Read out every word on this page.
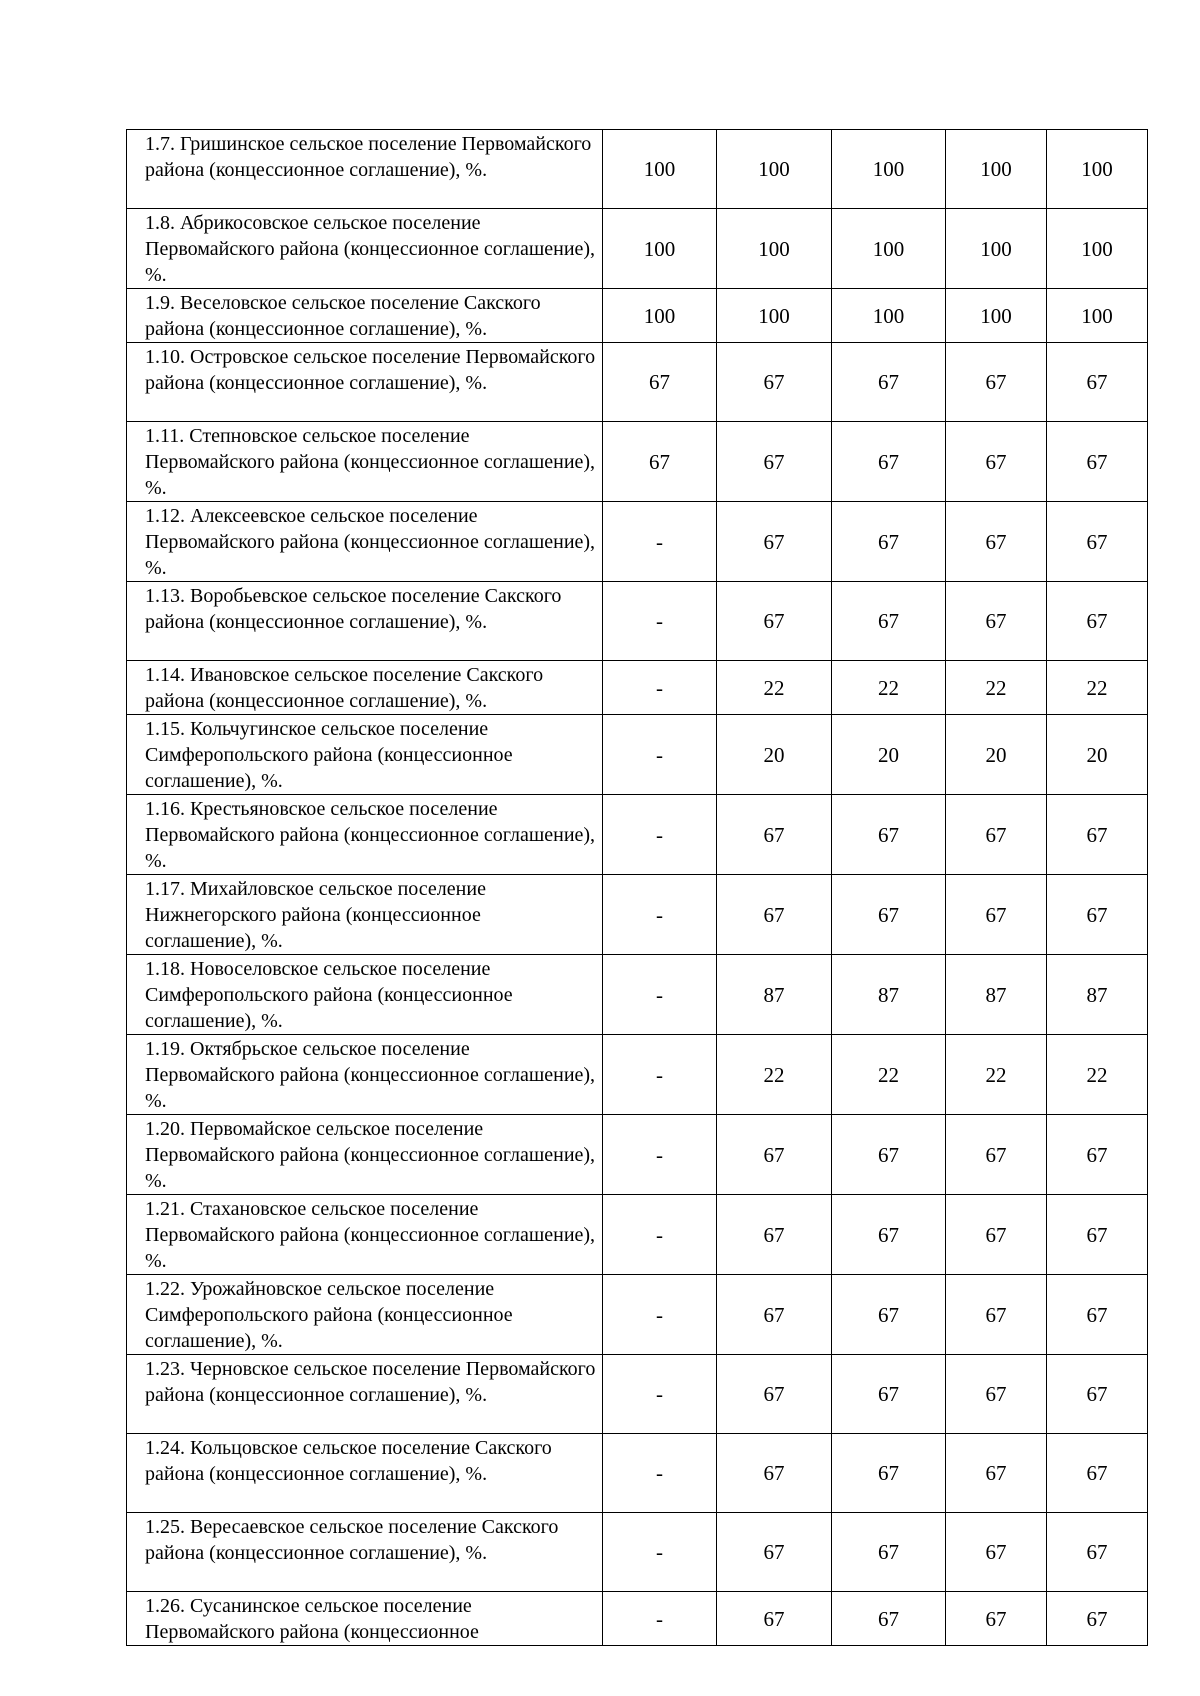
1.7. Гришинское сельское поселение Первомайского района (концессионное соглашение), %.	100	100	100	100	100
1.8. Абрикосовское сельское поселение Первомайского района (концессионное соглашение), %.	100	100	100	100	100
1.9. Веселовское сельское поселение Сакского района (концессионное соглашение), %.	100	100	100	100	100
1.10. Островское сельское поселение Первомайского района (концессионное соглашение), %.	67	67	67	67	67
1.11. Степновское сельское поселение Первомайского района (концессионное соглашение), %.	67	67	67	67	67
1.12. Алексеевское сельское поселение Первомайского района (концессионное соглашение), %.	-	67	67	67	67
1.13. Воробьевское сельское поселение Сакского района (концессионное соглашение), %.	-	67	67	67	67
1.14. Ивановское сельское поселение Сакского района (концессионное соглашение), %.	-	22	22	22	22
1.15. Кольчугинское сельское поселение Симферопольского района (концессионное соглашение), %.	-	20	20	20	20
1.16. Крестьяновское сельское поселение Первомайского района (концессионное соглашение), %.	-	67	67	67	67
1.17. Михайловское сельское поселение Нижнегорского района (концессионное соглашение), %.	-	67	67	67	67
1.18. Новоселовское сельское поселение Симферопольского района (концессионное соглашение), %.	-	87	87	87	87
1.19. Октябрьское сельское поселение Первомайского района (концессионное соглашение), %.	-	22	22	22	22
1.20. Первомайское сельское поселение Первомайского района (концессионное соглашение), %.	-	67	67	67	67
1.21. Стахановское сельское поселение Первомайского района (концессионное соглашение), %.	-	67	67	67	67
1.22. Урожайновское сельское поселение Симферопольского района (концессионное соглашение), %.	-	67	67	67	67
1.23. Черновское сельское поселение Первомайского района (концессионное соглашение), %.	-	67	67	67	67
1.24. Кольцовское сельское поселение Сакского района (концессионное соглашение), %.	-	67	67	67	67
1.25. Вересаевское сельское поселение Сакского района (концессионное соглашение), %.	-	67	67	67	67
1.26. Сусанинское сельское поселение Первомайского района (концессионное	-	67	67	67	67
